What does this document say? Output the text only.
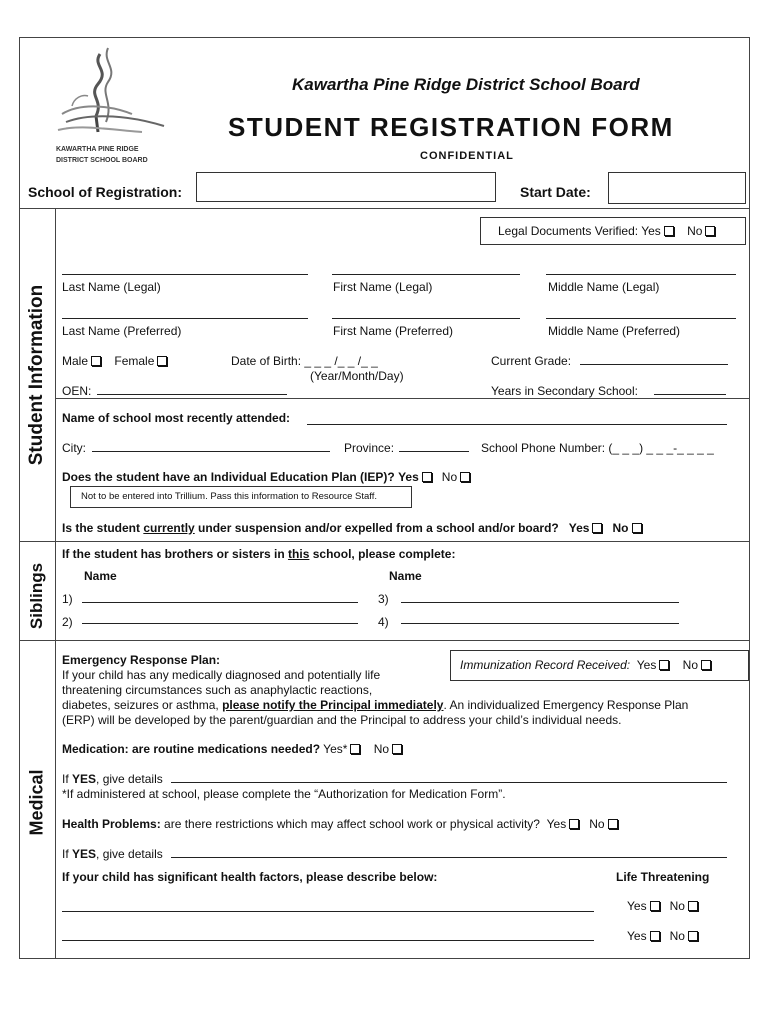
KAWARTHA PINE RIDGE
DISTRICT SCHOOL BOARD
Kawartha Pine Ridge District School Board
STUDENT REGISTRATION FORM
CONFIDENTIAL
School of Registration:	Start Date:
Student Information
Siblings
Medical
Legal Documents Verified: Yes No
Last Name (Legal)	First Name (Legal)	Middle Name (Legal)
Last Name (Preferred)	First Name (Preferred)	Middle Name (Preferred)
Male Female	Date of Birth: _ _ _ /_ _ /_ _
(Year/Month/Day)
Current Grade:
OEN:	Years in Secondary School:
Name of school most recently attended:
City:	Province:	School Phone Number: (_ _ _) _ _ _-_ _ _ _
Does the student have an Individual Education Plan (IEP)? Yes No
Not to be entered into Trillium. Pass this information to Resource Staff.
Is the student currently under suspension and/or expelled from a school and/or board? Yes No
If the student has brothers or sisters in this school, please complete:
Name	Name
1)	3)
2)	4)
Emergency Response Plan:
If your child has any medically diagnosed and potentially life
threatening circumstances such as anaphylactic reactions,
diabetes, seizures or asthma, please notify the Principal immediately. An individualized Emergency Response Plan
(ERP) will be developed by the parent/guardian and the Principal to address your child’s individual needs.
Immunization Record Received: Yes No
Medication: are routine medications needed? Yes* No
If YES, give details
*If administered at school, please complete the “Authorization for Medication Form”.
Health Problems: are there restrictions which may affect school work or physical activity? Yes No
If YES, give details
If your child has significant health factors, please describe below:	Life Threatening
Yes No
Yes No
